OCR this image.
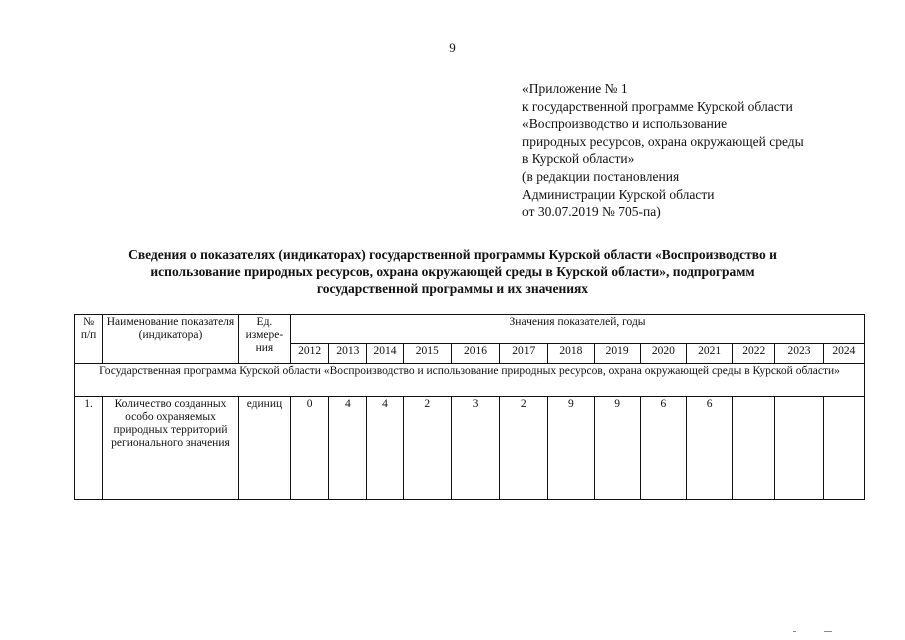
9
«Приложение № 1
к государственной программе Курской области
«Воспроизводство и использование
природных ресурсов, охрана окружающей среды
в Курской области»
(в редакции постановления
Администрации Курской области
от 30.07.2019 № 705-па)
Сведения о показателях (индикаторах) государственной программы Курской области «Воспроизводство и
использование природных ресурсов, охрана окружающей среды в Курской области», подпрограмм
государственной программы и их значениях
№ п/п	Наименование показателя (индикатора)	Ед. измере-ния	Значения показателей, годы												
			2012	2013	2014	2015	2016	2017	2018	2019	2020	2021	2022	2023	2024
Государственная программа Курской области «Воспроизводство и использование природных ресурсов, охрана окружающей среды в Курской области»															
1.	Количество созданных особо охраняемых природных территорий регионального значения	единиц	0	4	4	2	3	2	9	9	6	6			
